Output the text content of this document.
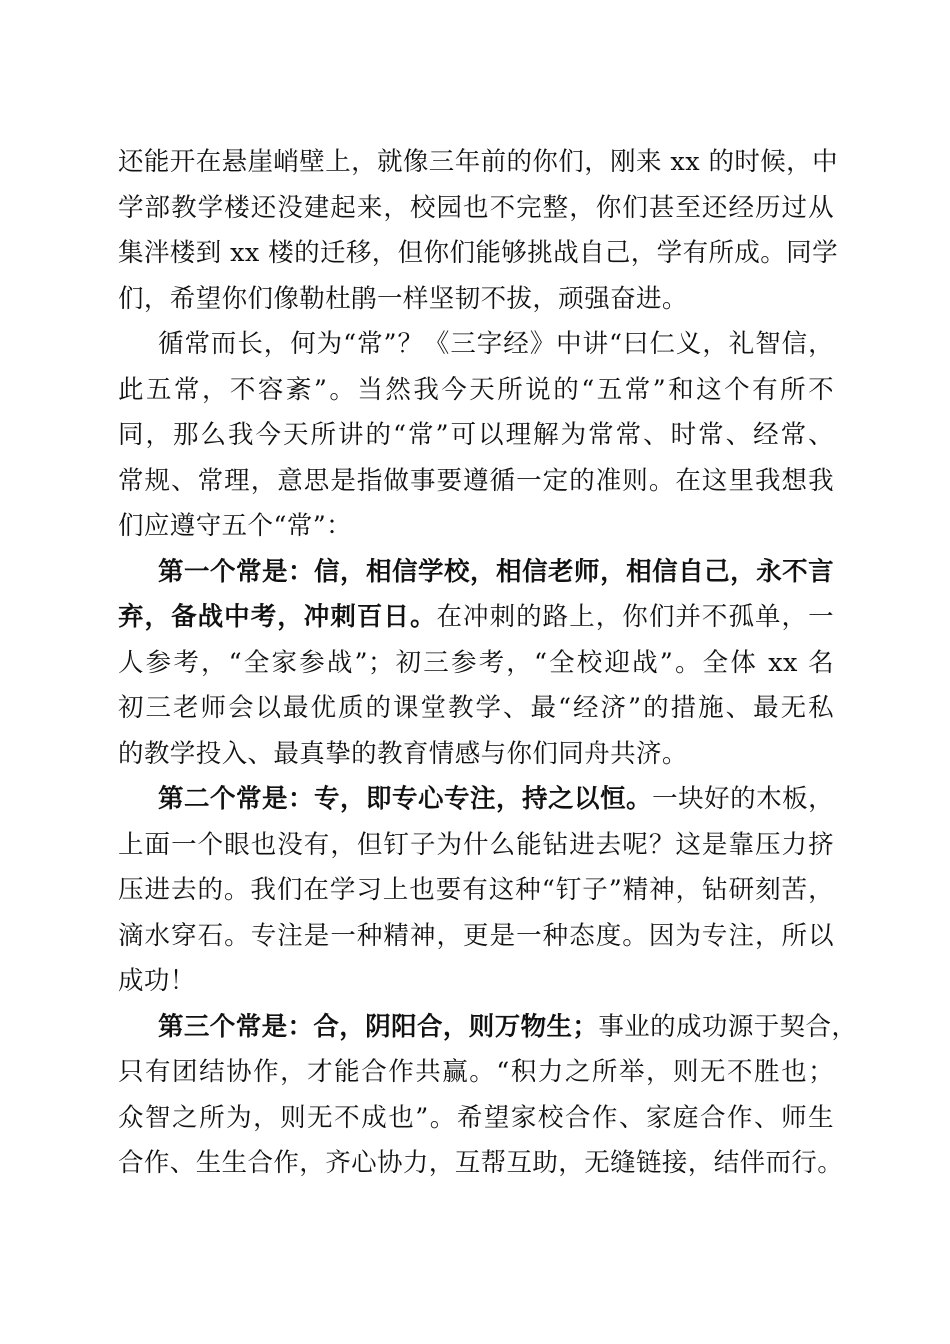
还能开在悬崖峭壁上，就像三年前的你们，刚来 xx 的时候，中
学部教学楼还没建起来，校园也不完整，你们甚至还经历过从
集泮楼到 xx 楼的迁移，但你们能够挑战自己，学有所成。同学
们，希望你们像勒杜鹃一样坚韧不拔，顽强奋进。
循常而长，何为“常”？《三字经》中讲“曰仁义，礼智信，
此五常，不容紊”。当然我今天所说的“五常”和这个有所不
同，那么我今天所讲的“常”可以理解为常常、时常、经常、
常规、常理，意思是指做事要遵循一定的准则。在这里我想我
们应遵守五个“常”：
第一个常是：信，相信学校，相信老师，相信自己，永不言
弃，备战中考，冲刺百日。在冲刺的路上，你们并不孤单，一
人参考，“全家参战”；初三参考，“全校迎战”。全体 xx 名
初三老师会以最优质的课堂教学、最“经济”的措施、最无私
的教学投入、最真挚的教育情感与你们同舟共济。
第二个常是：专，即专心专注，持之以恒。一块好的木板，
上面一个眼也没有，但钉子为什么能钻进去呢？这是靠压力挤
压进去的。我们在学习上也要有这种“钉子”精神，钻研刻苦，
滴水穿石。专注是一种精神，更是一种态度。因为专注，所以
成功！
第三个常是：合，阴阳合，则万物生；事业的成功源于契合，
只有团结协作，才能合作共赢。“积力之所举，则无不胜也；
众智之所为，则无不成也”。希望家校合作、家庭合作、师生
合作、生生合作，齐心协力，互帮互助，无缝链接，结伴而行。
